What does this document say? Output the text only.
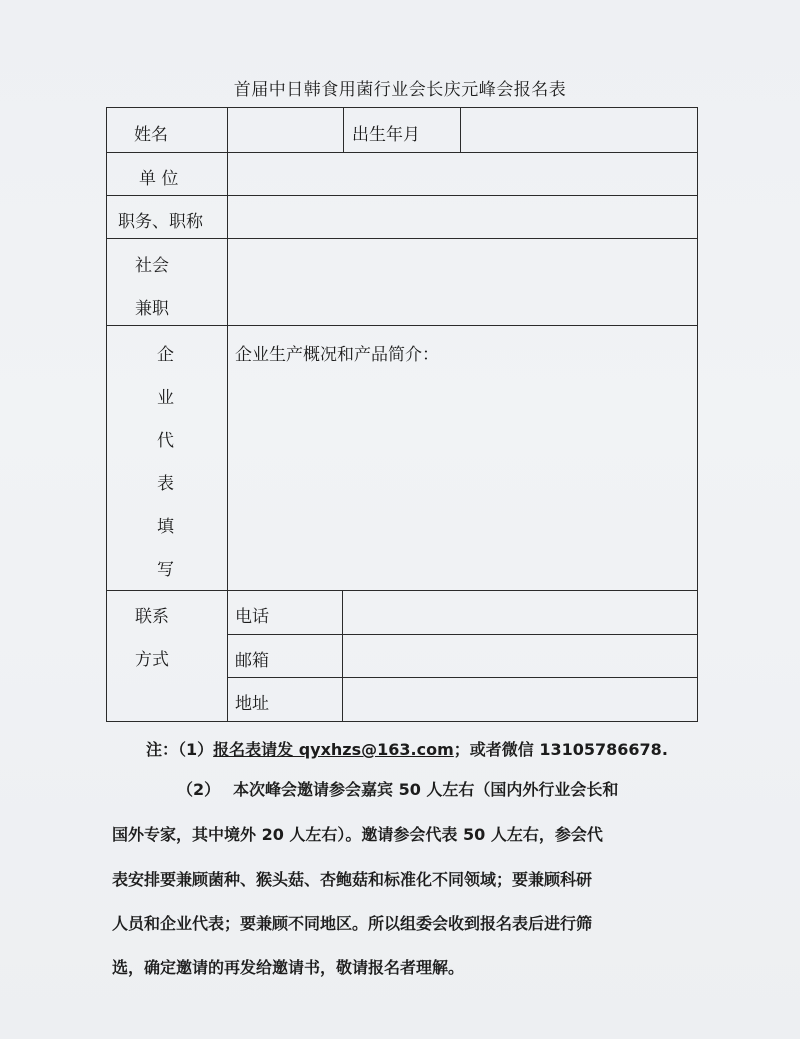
首届中日韩食用菌行业会长庆元峰会报名表
姓名	出生年月
单 位
职务、职称
社会
兼职
企
业
代
表
填
写
企业生产概况和产品简介：
联系
方式
电话
邮箱
地址
注：（1）报名表请发 qyxhzs@163.com；或者微信 13105786678.
（2） 本次峰会邀请参会嘉宾 50 人左右（国内外行业会长和
国外专家，其中境外 20 人左右）。邀请参会代表 50 人左右，参会代
表安排要兼顾菌种、猴头菇、杏鲍菇和标准化不同领域；要兼顾科研
人员和企业代表；要兼顾不同地区。所以组委会收到报名表后进行筛
选，确定邀请的再发给邀请书，敬请报名者理解。
